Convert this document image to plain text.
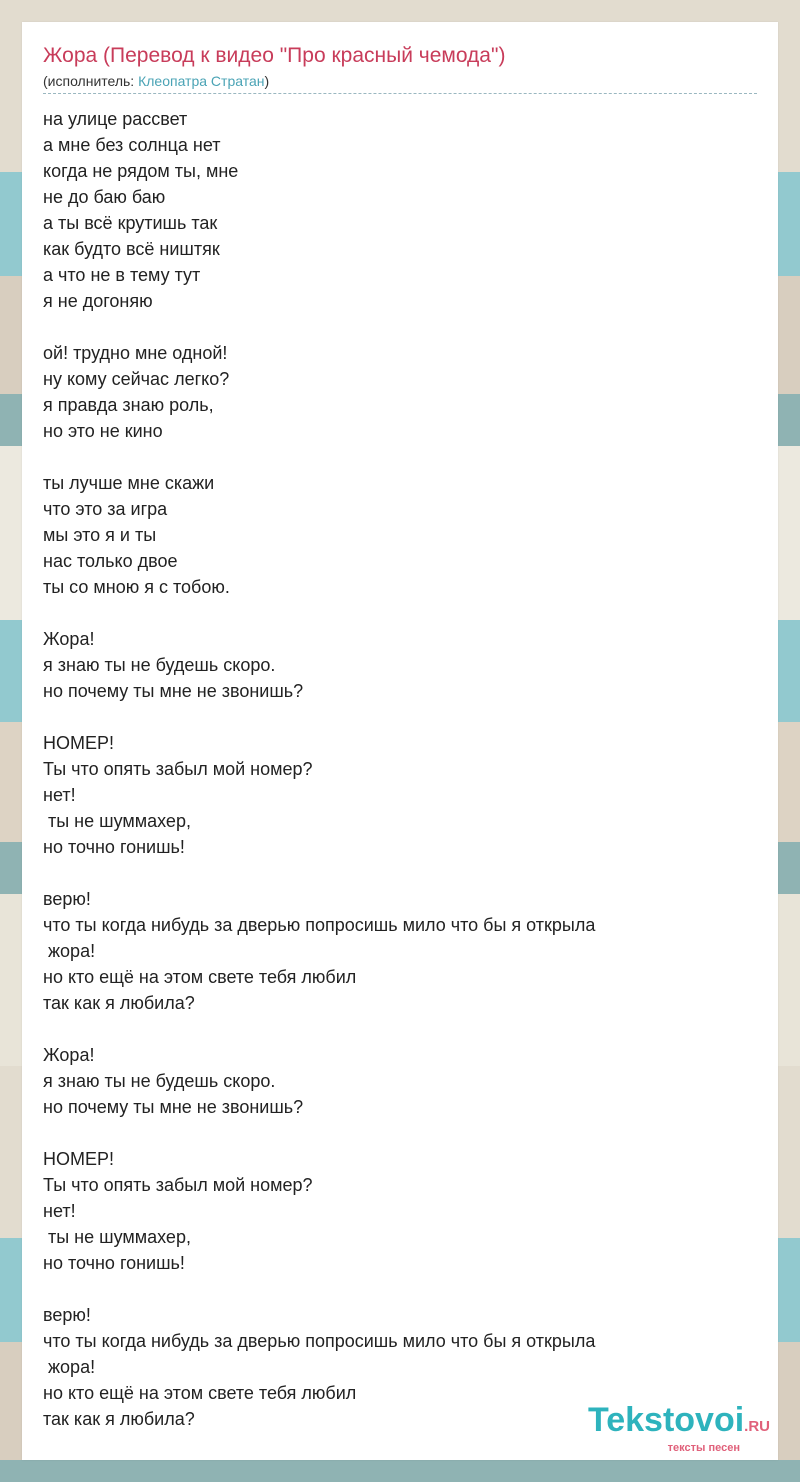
Жора (Перевод к видео "Про красный чемода")
(исполнитель: Клеопатра Стратан)
на улице рассвет
а мне без солнца нет
когда не рядом ты, мне
не до баю баю
а ты всё крутишь так
как будто всё ништяк
а что не в тему тут
я не догоняю
ой! трудно мне одной!
ну кому сейчас легко?
я правда знаю роль,
но это не кино
ты лучше мне скажи
что это за игра
мы это я и ты
нас только двое
ты со мною я с тобою.
Жора!
я знаю ты не будешь скоро.
но почему ты мне не звонишь?
НОМЕР!
Ты что опять забыл мой номер?
нет!
ты не шуммахер,
но точно гонишь!
верю!
что ты когда нибудь за дверью попросишь мило что бы я открыла
жора!
но кто ещё на этом свете тебя любил
так как я любила?
Жора!
я знаю ты не будешь скоро.
но почему ты мне не звонишь?
НОМЕР!
Ты что опять забыл мой номер?
нет!
ты не шуммахер,
но точно гонишь!
верю!
что ты когда нибудь за дверью попросишь мило что бы я открыла
жора!
но кто ещё на этом свете тебя любил
так как я любила?	Tekstovoi.RU
тексты песен
